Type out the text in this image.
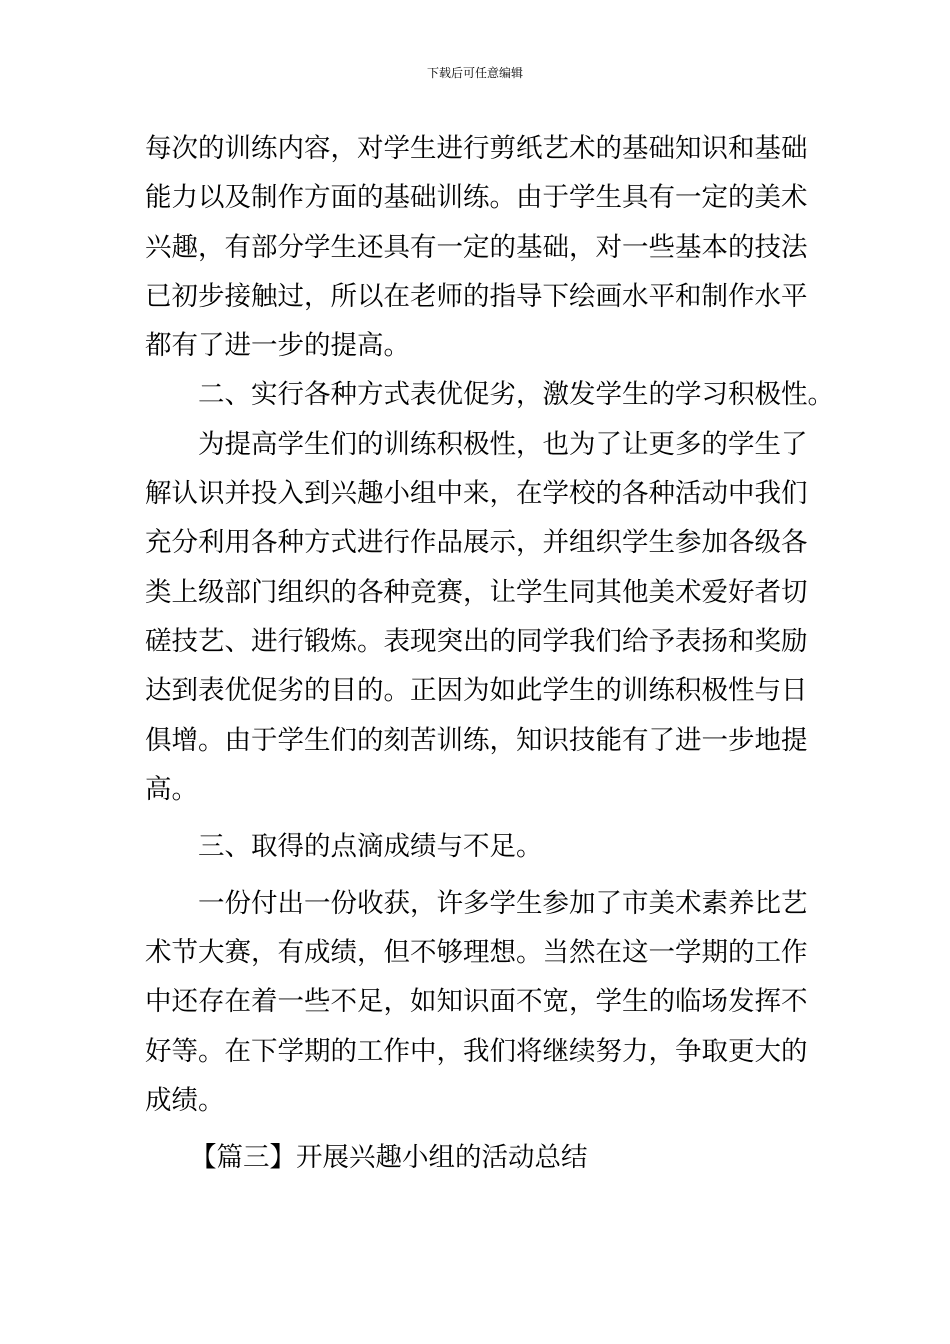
下载后可任意编辑
每次的训练内容，对学生进行剪纸艺术的基础知识和基础
能力以及制作方面的基础训练。由于学生具有一定的美术
兴趣，有部分学生还具有一定的基础，对一些基本的技法
已初步接触过，所以在老师的指导下绘画水平和制作水平
都有了进一步的提高。
二、实行各种方式表优促劣，激发学生的学习积极性。
为提高学生们的训练积极性，也为了让更多的学生了
解认识并投入到兴趣小组中来，在学校的各种活动中我们
充分利用各种方式进行作品展示，并组织学生参加各级各
类上级部门组织的各种竞赛，让学生同其他美术爱好者切
磋技艺、进行锻炼。表现突出的同学我们给予表扬和奖励
达到表优促劣的目的。正因为如此学生的训练积极性与日
俱增。由于学生们的刻苦训练，知识技能有了进一步地提
高。
三、取得的点滴成绩与不足。
一份付出一份收获，许多学生参加了市美术素养比艺
术节大赛，有成绩，但不够理想。当然在这一学期的工作
中还存在着一些不足，如知识面不宽，学生的临场发挥不
好等。在下学期的工作中，我们将继续努力，争取更大的
成绩。
【篇三】开展兴趣小组的活动总结
